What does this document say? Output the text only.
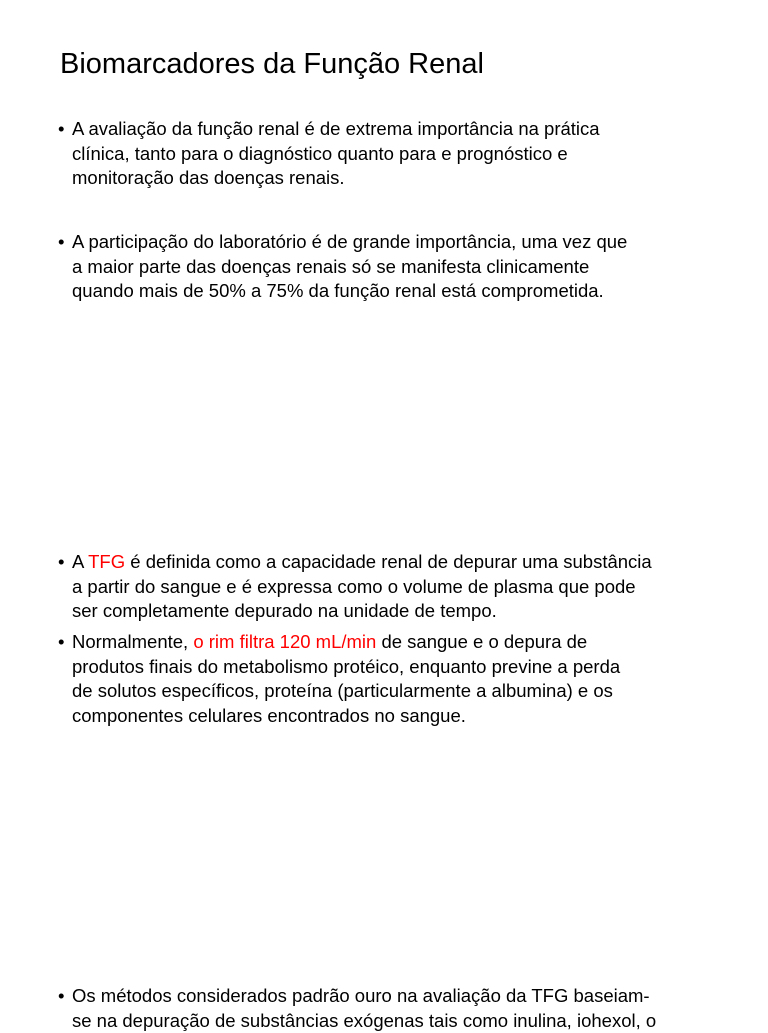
Biomarcadores da Função Renal
• A avaliação da função renal é de extrema importância na prática
clínica, tanto para o diagnóstico quanto para e prognóstico e
monitoração das doenças renais.
• A participação do laboratório é de grande importância, uma vez que
a maior parte das doenças renais só se manifesta clinicamente
quando mais de 50% a 75% da função renal está comprometida.
• A TFG é definida como a capacidade renal de depurar uma substância
a partir do sangue e é expressa como o volume de plasma que pode
ser completamente depurado na unidade de tempo.
• Normalmente, o rim filtra 120 mL/min de sangue e o depura de
produtos finais do metabolismo protéico, enquanto previne a perda
de solutos específicos, proteína (particularmente a albumina) e os
componentes celulares encontrados no sangue.
• Os métodos considerados padrão ouro na avaliação da TFG baseiam-
se na depuração de substâncias exógenas tais como inulina, iohexol, o
